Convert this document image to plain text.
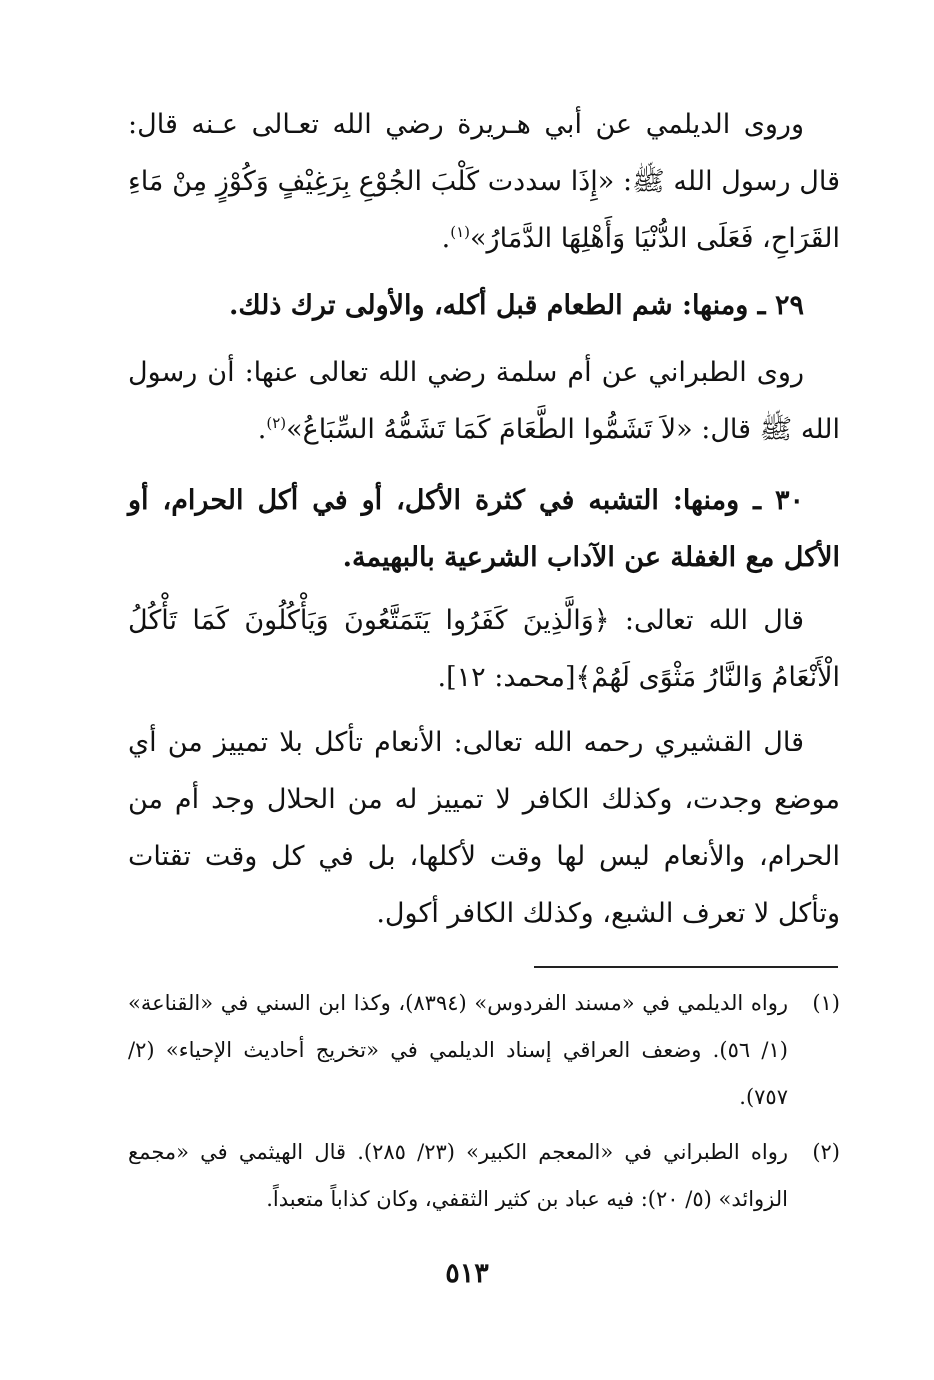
وروى الديلمي عن أبي هـريرة رضي الله تعـالى عـنه قال: قال رسول الله ﷺ: «إِذَا سددت كَلْبَ الجُوْعِ بِرَغِيْفٍ وَكُوْزٍ مِنْ مَاءِ القَرَاحِ، فَعَلَى الدُّنْيَا وَأَهْلِهَا الدَّمَارُ»$^{(١)}$.

٢٩ ـ ومنها: شم الطعام قبل أكله، والأولى ترك ذلك.

روى الطبراني عن أم سلمة رضي الله تعالى عنها: أن رسول الله ﷺ قال: «لاَ تَشَمُّوا الطَّعَامَ كَمَا تَشَمُّهُ السِّبَاعُ»$^{(٢)}$.

٣٠ ـ ومنها: التشبه في كثرة الأكل، أو في أكل الحرام، أو الأكل مع الغفلة عن الآداب الشرعية بالبهيمة.

قال الله تعالى: ﴿وَالَّذِينَ كَفَرُوا يَتَمَتَّعُونَ وَيَأْكُلُونَ كَمَا تَأْكُلُ الْأَنْعَامُ وَالنَّارُ مَثْوًى لَهُمْ﴾[محمد: ١٢].

قال القشيري رحمه الله تعالى: الأنعام تأكل بلا تمييز من أي موضع وجدت، وكذلك الكافر لا تمييز له من الحلال وجد أم من الحرام، والأنعام ليس لها وقت لأكلها، بل في كل وقت تقتات وتأكل لا تعرف الشبع، وكذلك الكافر أكول.

(١)
رواه الديلمي في «مسند الفردوس» (٨٣٩٤)، وكذا ابن السني في «القناعة» (١/ ٥٦). وضعف العراقي إسناد الديلمي في «تخريج أحاديث الإحياء» (٢/ ٧٥٧).
(٢)
رواه الطبراني في «المعجم الكبير» (٢٣/ ٢٨٥). قال الهيثمي في «مجمع الزوائد» (٥/ ٢٠): فيه عباد بن كثير الثقفي، وكان كذاباً متعبداً.
٥١٣
